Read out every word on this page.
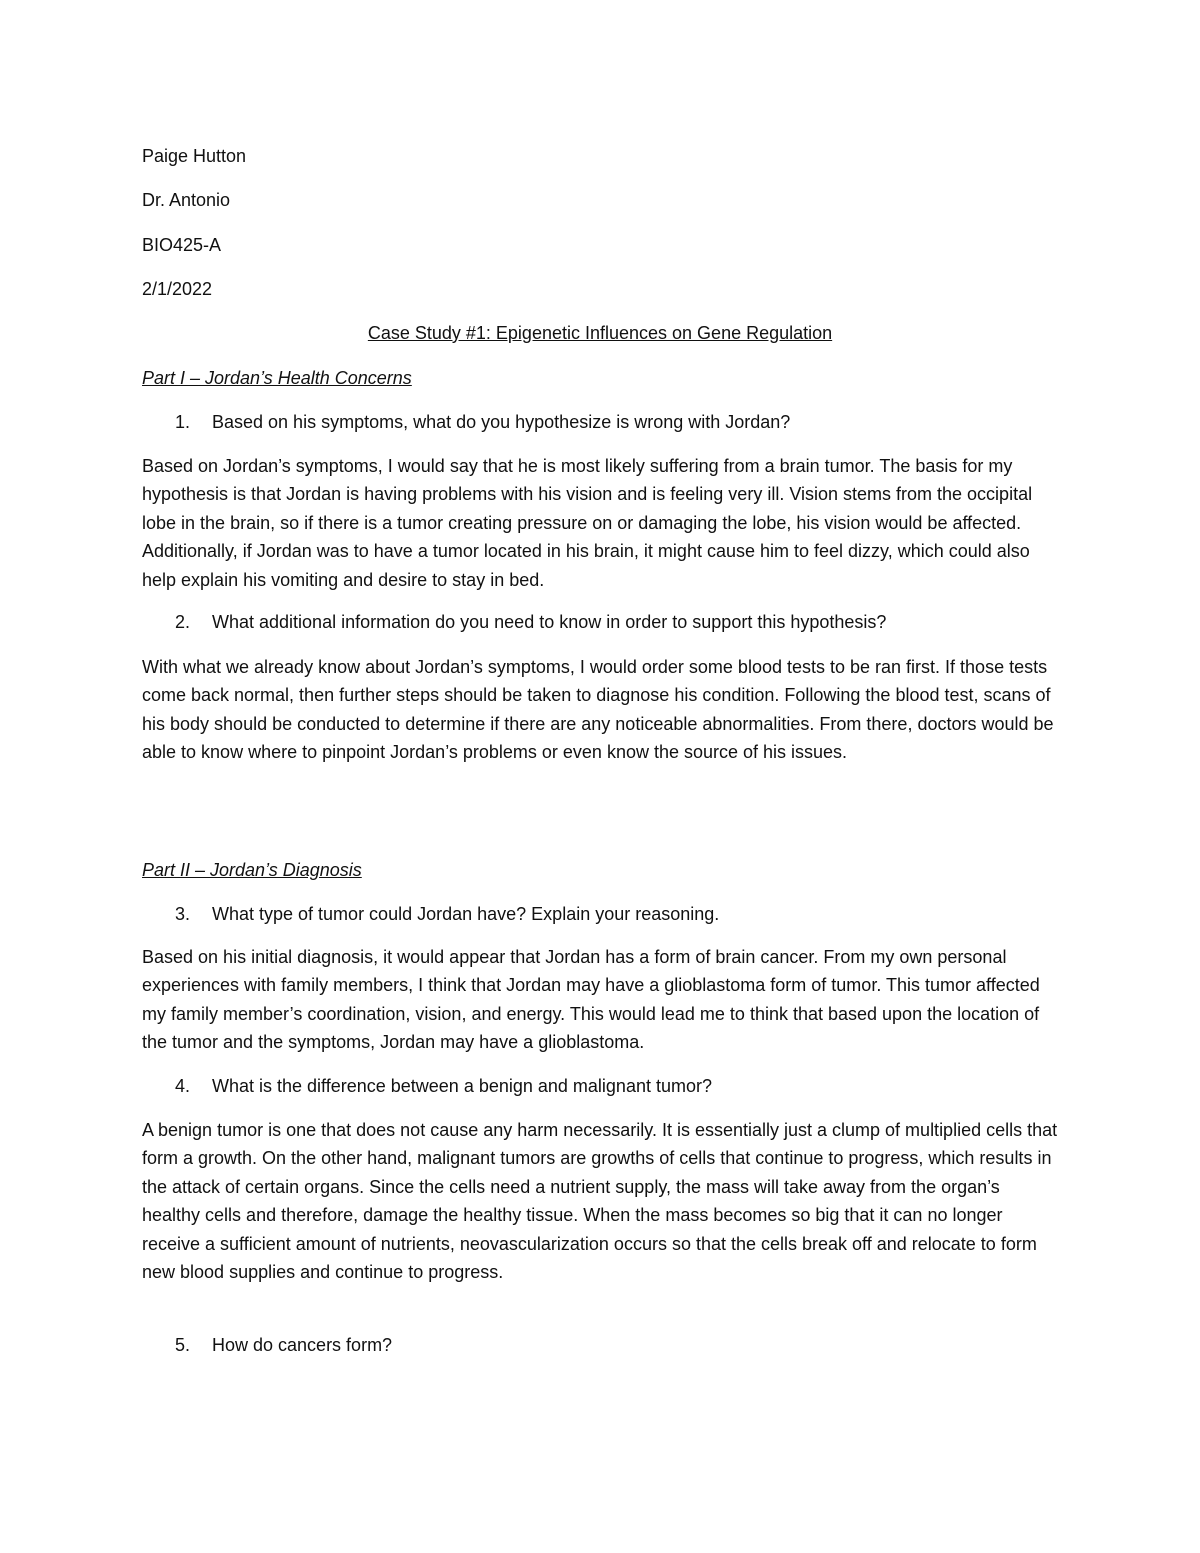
Paige Hutton

Dr. Antonio

BIO425-A

2/1/2022

Case Study #1: Epigenetic Influences on Gene Regulation

Part I – Jordan’s Health Concerns

1. Based on his symptoms, what do you hypothesize is wrong with Jordan?

Based on Jordan’s symptoms, I would say that he is most likely suffering from a brain tumor. The basis for my hypothesis is that Jordan is having problems with his vision and is feeling very ill. Vision stems from the occipital lobe in the brain, so if there is a tumor creating pressure on or damaging the lobe, his vision would be affected. Additionally, if Jordan was to have a tumor located in his brain, it might cause him to feel dizzy, which could also help explain his vomiting and desire to stay in bed.

2. What additional information do you need to know in order to support this hypothesis?

With what we already know about Jordan’s symptoms, I would order some blood tests to be ran first. If those tests come back normal, then further steps should be taken to diagnose his condition. Following the blood test, scans of his body should be conducted to determine if there are any noticeable abnormalities. From there, doctors would be able to know where to pinpoint Jordan’s problems or even know the source of his issues.

Part II – Jordan’s Diagnosis

3. What type of tumor could Jordan have? Explain your reasoning.

Based on his initial diagnosis, it would appear that Jordan has a form of brain cancer. From my own personal experiences with family members, I think that Jordan may have a glioblastoma form of tumor. This tumor affected my family member’s coordination, vision, and energy. This would lead me to think that based upon the location of the tumor and the symptoms, Jordan may have a glioblastoma.

4. What is the difference between a benign and malignant tumor?

A benign tumor is one that does not cause any harm necessarily. It is essentially just a clump of multiplied cells that form a growth. On the other hand, malignant tumors are growths of cells that continue to progress, which results in the attack of certain organs. Since the cells need a nutrient supply, the mass will take away from the organ’s healthy cells and therefore, damage the healthy tissue. When the mass becomes so big that it can no longer receive a sufficient amount of nutrients, neovascularization occurs so that the cells break off and relocate to form new blood supplies and continue to progress.

5. How do cancers form?
